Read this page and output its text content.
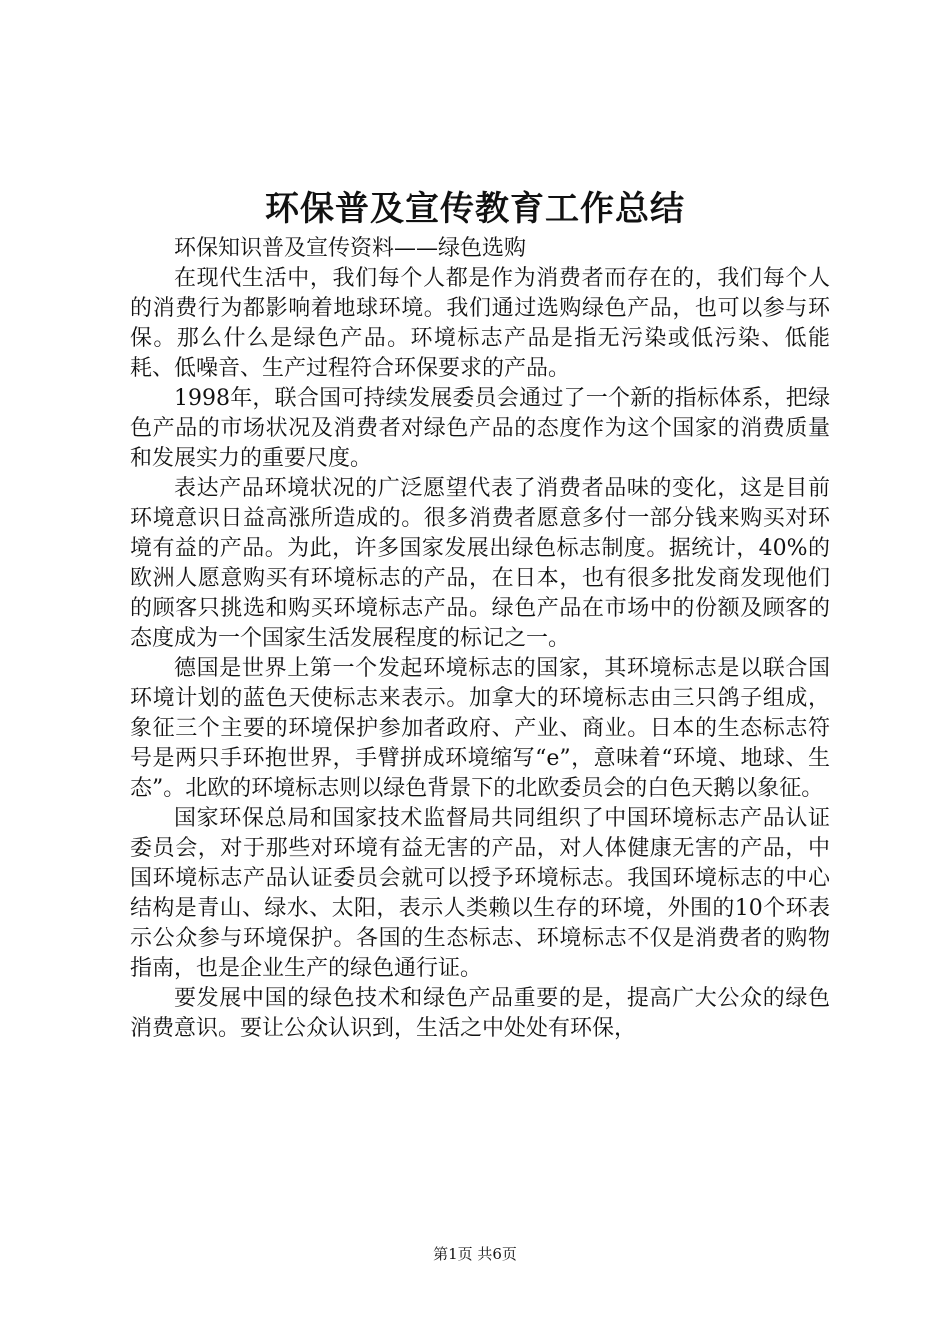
环保普及宣传教育工作总结

环保知识普及宣传资料——绿色选购

在现代生活中，我们每个人都是作为消费者而存在的，我们每个人的消费行为都影响着地球环境。我们通过选购绿色产品，也可以参与环保。那么什么是绿色产品。环境标志产品是指无污染或低污染、低能耗、低噪音、生产过程符合环保要求的产品。

1998年，联合国可持续发展委员会通过了一个新的指标体系，把绿色产品的市场状况及消费者对绿色产品的态度作为这个国家的消费质量和发展实力的重要尺度。

表达产品环境状况的广泛愿望代表了消费者品味的变化，这是目前环境意识日益高涨所造成的。很多消费者愿意多付一部分钱来购买对环境有益的产品。为此，许多国家发展出绿色标志制度。据统计，40%的欧洲人愿意购买有环境标志的产品，在日本，也有很多批发商发现他们的顾客只挑选和购买环境标志产品。绿色产品在市场中的份额及顾客的态度成为一个国家生活发展程度的标记之一。

德国是世界上第一个发起环境标志的国家，其环境标志是以联合国环境计划的蓝色天使标志来表示。加拿大的环境标志由三只鸽子组成，象征三个主要的环境保护参加者政府、产业、商业。日本的生态标志符号是两只手环抱世界，手臂拼成环境缩写“e”，意味着“环境、地球、生态”。北欧的环境标志则以绿色背景下的北欧委员会的白色天鹅以象征。

国家环保总局和国家技术监督局共同组织了中国环境标志产品认证委员会，对于那些对环境有益无害的产品，对人体健康无害的产品，中国环境标志产品认证委员会就可以授予环境标志。我国环境标志的中心结构是青山、绿水、太阳，表示人类赖以生存的环境，外围的10个环表示公众参与环境保护。各国的生态标志、环境标志不仅是消费者的购物指南，也是企业生产的绿色通行证。

要发展中国的绿色技术和绿色产品重要的是，提高广大公众的绿色消费意识。要让公众认识到，生活之中处处有环保，

第1页 共6页
